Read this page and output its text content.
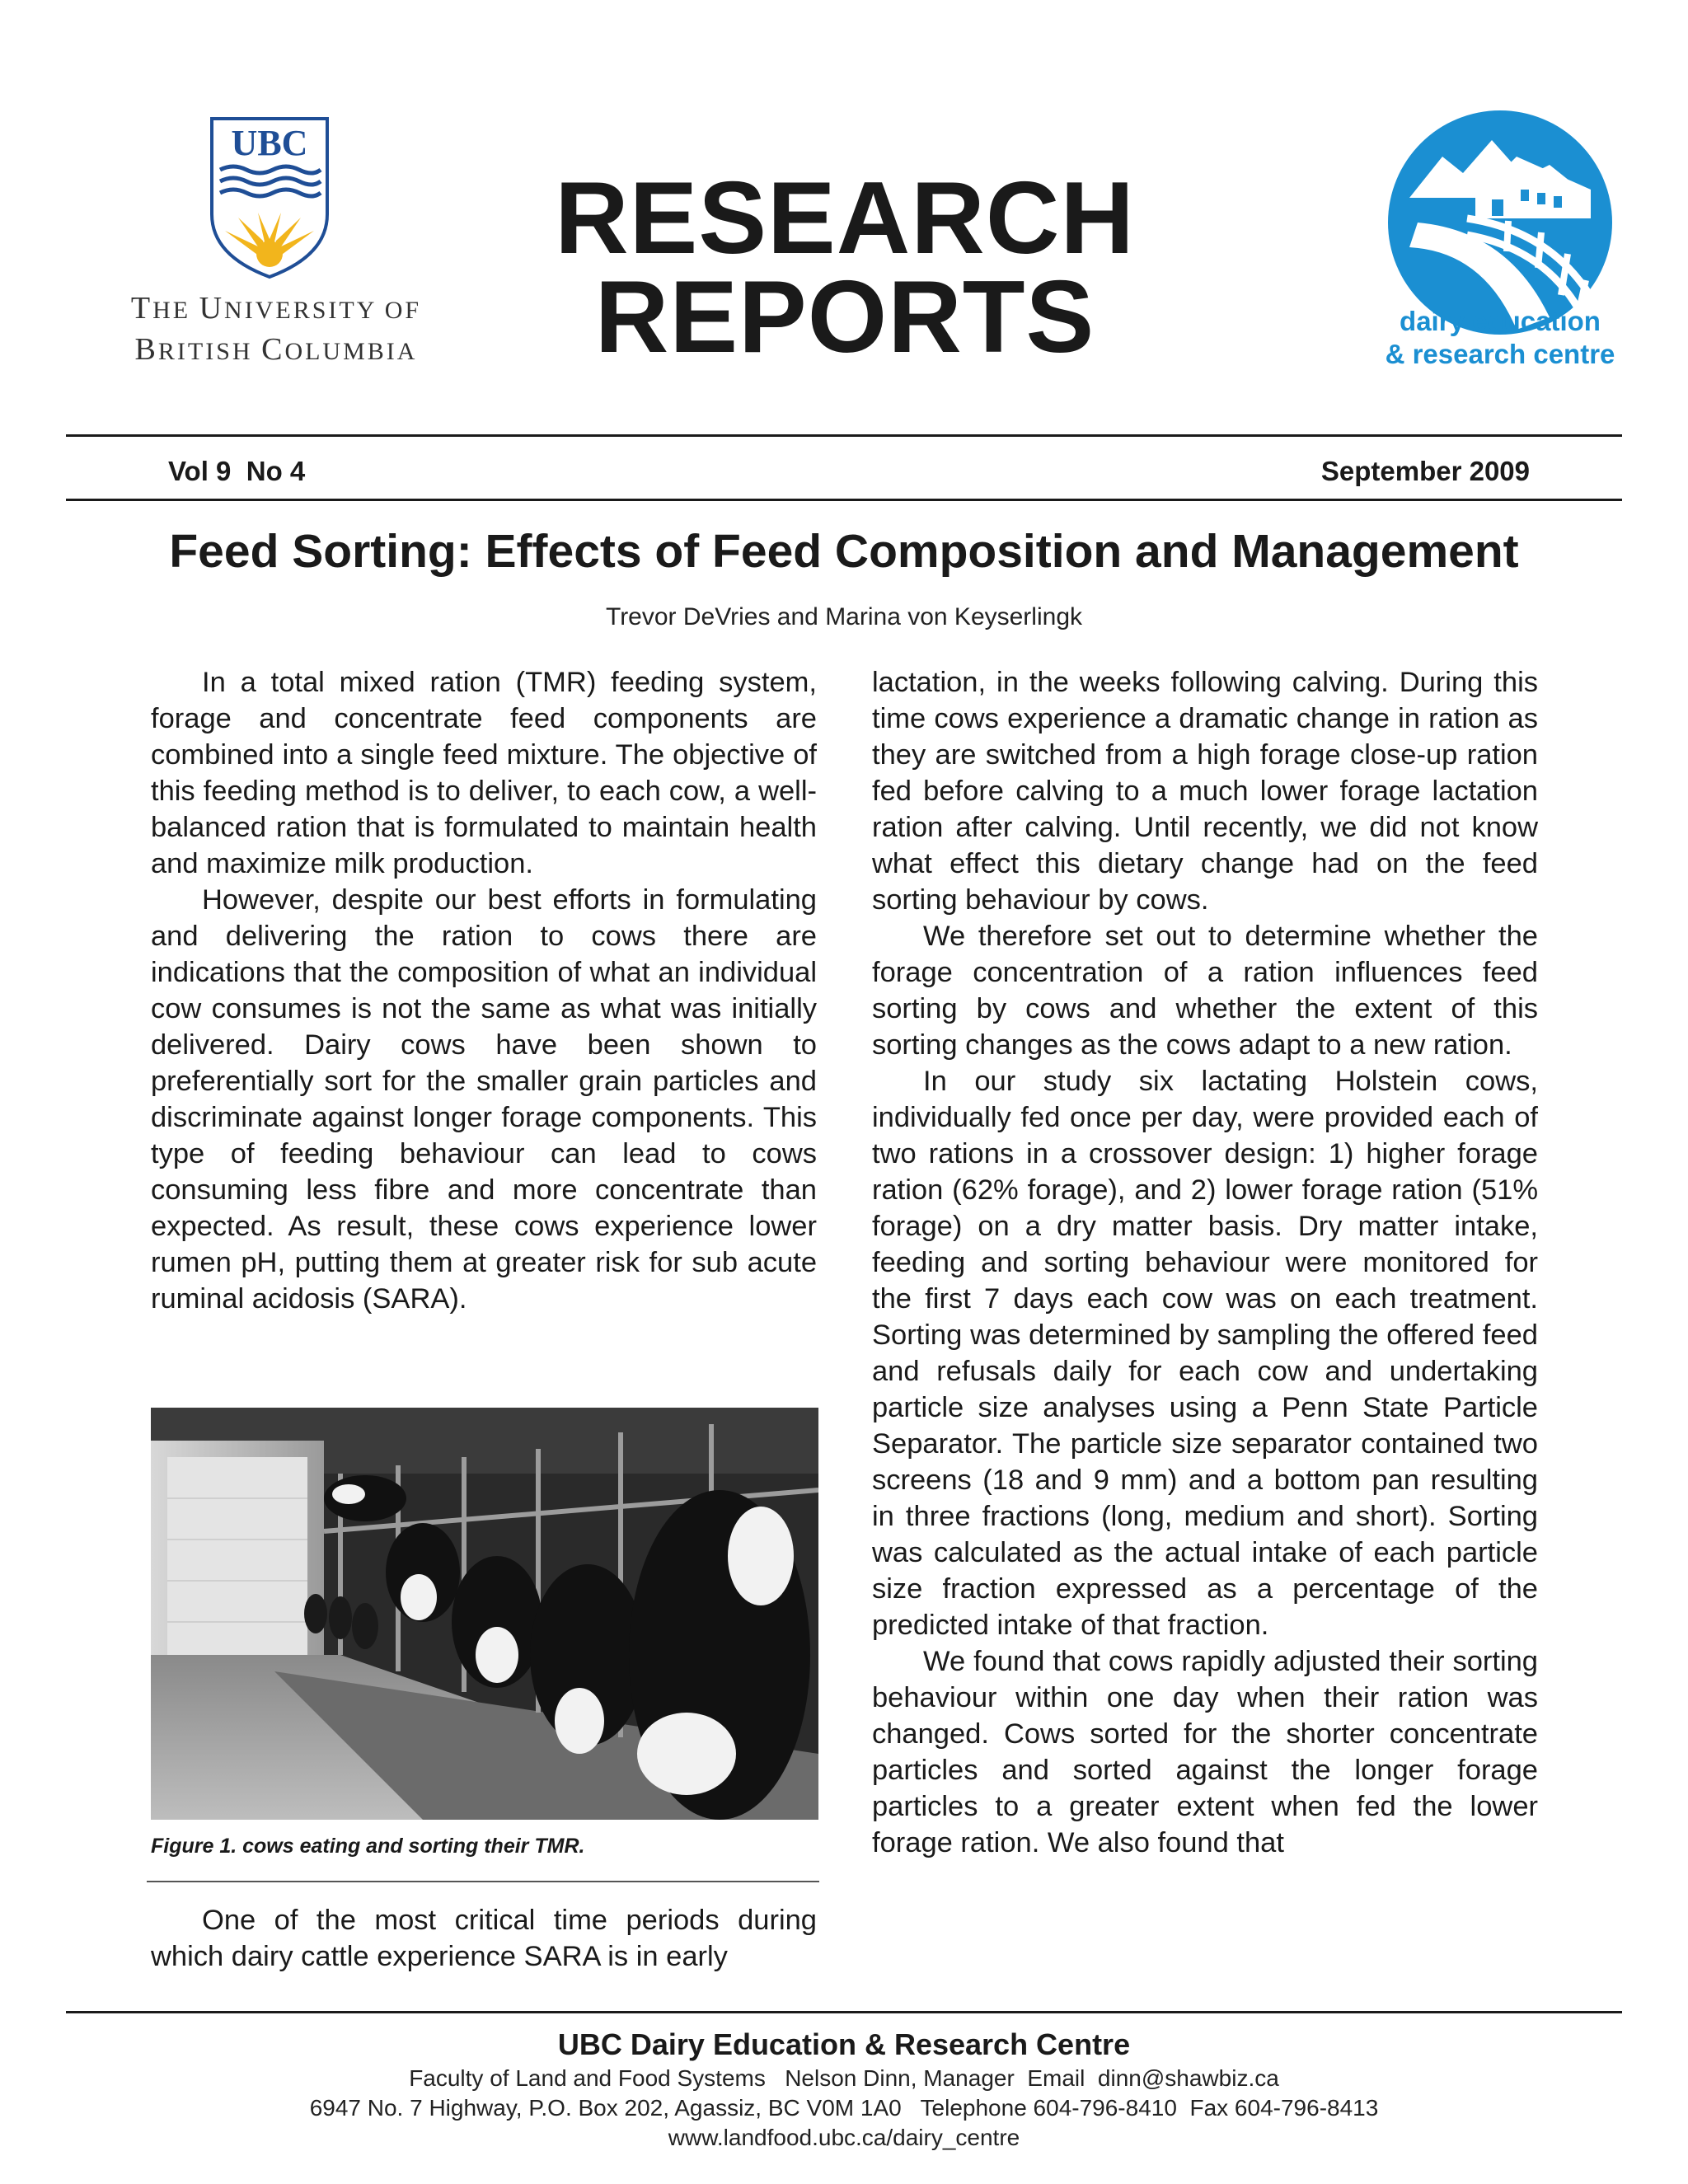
UBC
THE UNIVERSITY OF
BRITISH COLUMBIA
RESEARCH
REPORTS	dairy education
& research centre
Vol 9  No 4	September 2009
Feed Sorting: Effects of Feed Composition and Management
Trevor DeVries and Marina von Keyserlingk

In a total mixed ration (TMR) feeding system, forage and concentrate feed components are combined into a single feed mixture. The objective of this feeding method is to deliver, to each cow, a well-balanced ration that is formulated to maintain health and maximize milk production.

However, despite our best efforts in formulating and delivering the ration to cows there are indications that the composition of what an individual cow consumes is not the same as what was initially delivered. Dairy cows have been shown to preferentially sort for the smaller grain particles and discriminate against longer forage components. This type of feeding behaviour can lead to cows consuming less fibre and more concentrate than expected. As result, these cows experience lower rumen pH, putting them at greater risk for sub acute ruminal acidosis (SARA).

Figure 1. cows eating and sorting their TMR.

One of the most critical time periods during which dairy cattle experience SARA is in early

lactation, in the weeks following calving. During this time cows experience a dramatic change in ration as they are switched from a high forage close-up ration fed before calving to a much lower forage lactation ration after calving. Until recently, we did not know what effect this dietary change had on the feed sorting behaviour by cows.

We therefore set out to determine whether the forage concentration of a ration influences feed sorting by cows and whether the extent of this sorting changes as the cows adapt to a new ration.

In our study six lactating Holstein cows, individually fed once per day, were provided each of two rations in a crossover design: 1) higher forage ration (62% forage), and 2) lower forage ration (51% forage) on a dry matter basis. Dry matter intake, feeding and sorting behaviour were monitored for the first 7 days each cow was on each treatment. Sorting was determined by sampling the offered feed and refusals daily for each cow and undertaking particle size analyses using a Penn State Particle Separator. The particle size separator contained two screens (18 and 9 mm) and a bottom pan resulting in three fractions (long, medium and short). Sorting was calculated as the actual intake of each particle size fraction expressed as a percentage of the predicted intake of that fraction.

We found that cows rapidly adjusted their sorting behaviour within one day when their ration was changed. Cows sorted for the shorter concentrate particles and sorted against the longer forage particles to a greater extent when fed the lower forage ration. We also found that

UBC Dairy Education & Research Centre
Faculty of Land and Food Systems   Nelson Dinn, Manager  Email  dinn@shawbiz.ca
6947 No. 7 Highway, P.O. Box 202, Agassiz, BC V0M 1A0   Telephone 604-796-8410  Fax 604-796-8413
www.landfood.ubc.ca/dairy_centre
